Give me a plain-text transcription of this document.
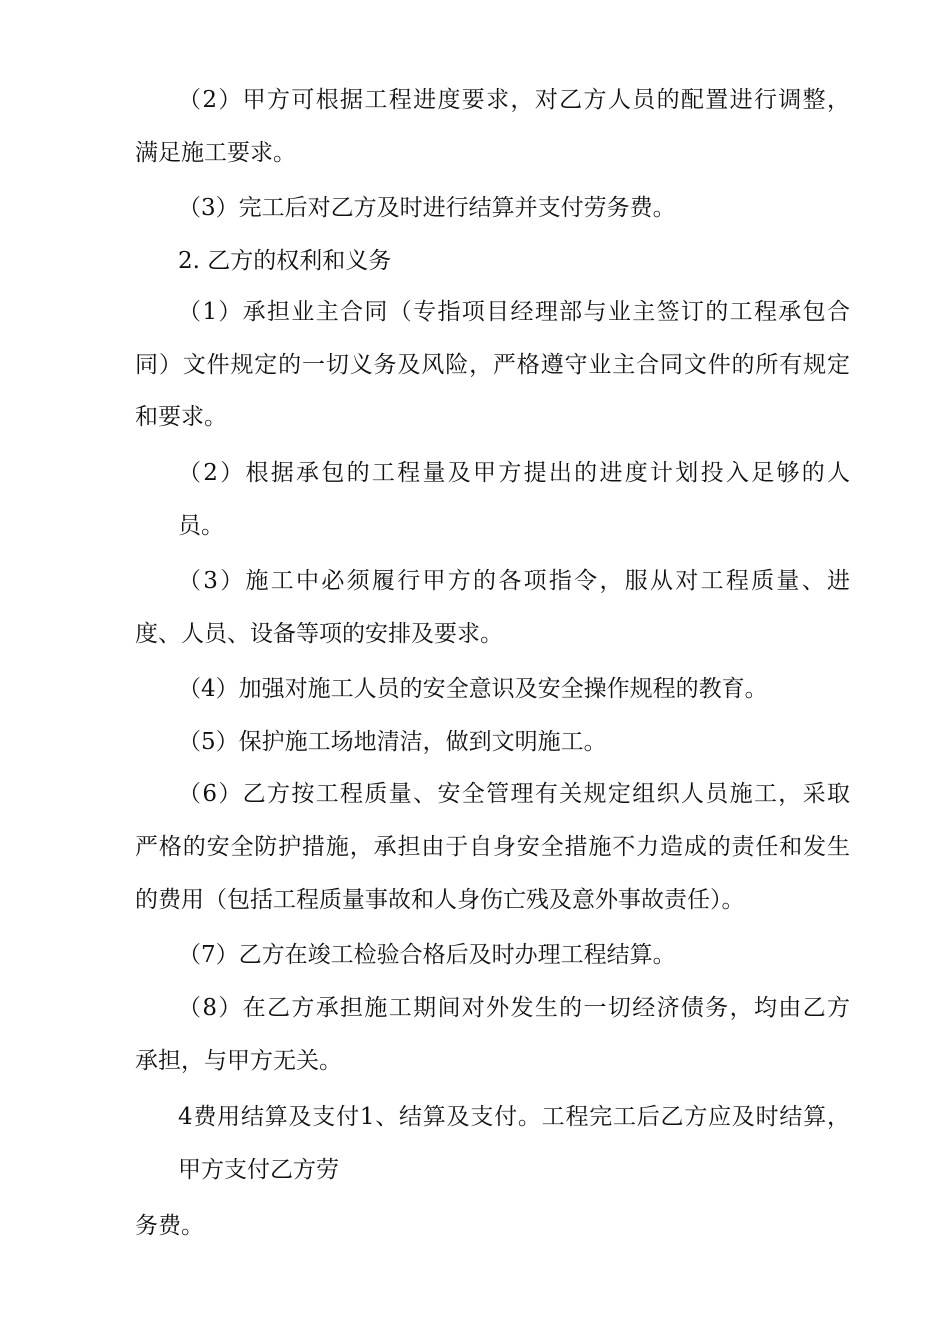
（2）甲方可根据工程进度要求，对乙方人员的配置进行调整，
满足施工要求。
（3）完工后对乙方及时进行结算并支付劳务费。
2. 乙方的权利和义务
（1）承担业主合同（专指项目经理部与业主签订的工程承包合
同）文件规定的一切义务及风险，严格遵守业主合同文件的所有规定
和要求。
（2）根据承包的工程量及甲方提出的进度计划投入足够的人
员。
（3）施工中必须履行甲方的各项指令，服从对工程质量、进
度、人员、设备等项的安排及要求。
（4）加强对施工人员的安全意识及安全操作规程的教育。
（5）保护施工场地清洁，做到文明施工。
（6）乙方按工程质量、安全管理有关规定组织人员施工，采取
严格的安全防护措施，承担由于自身安全措施不力造成的责任和发生
的费用（包括工程质量事故和人身伤亡残及意外事故责任）。
（7）乙方在竣工检验合格后及时办理工程结算。
（8）在乙方承担施工期间对外发生的一切经济债务，均由乙方
承担，与甲方无关。
4费用结算及支付1、结算及支付。工程完工后乙方应及时结算，
甲方支付乙方劳
务费。
